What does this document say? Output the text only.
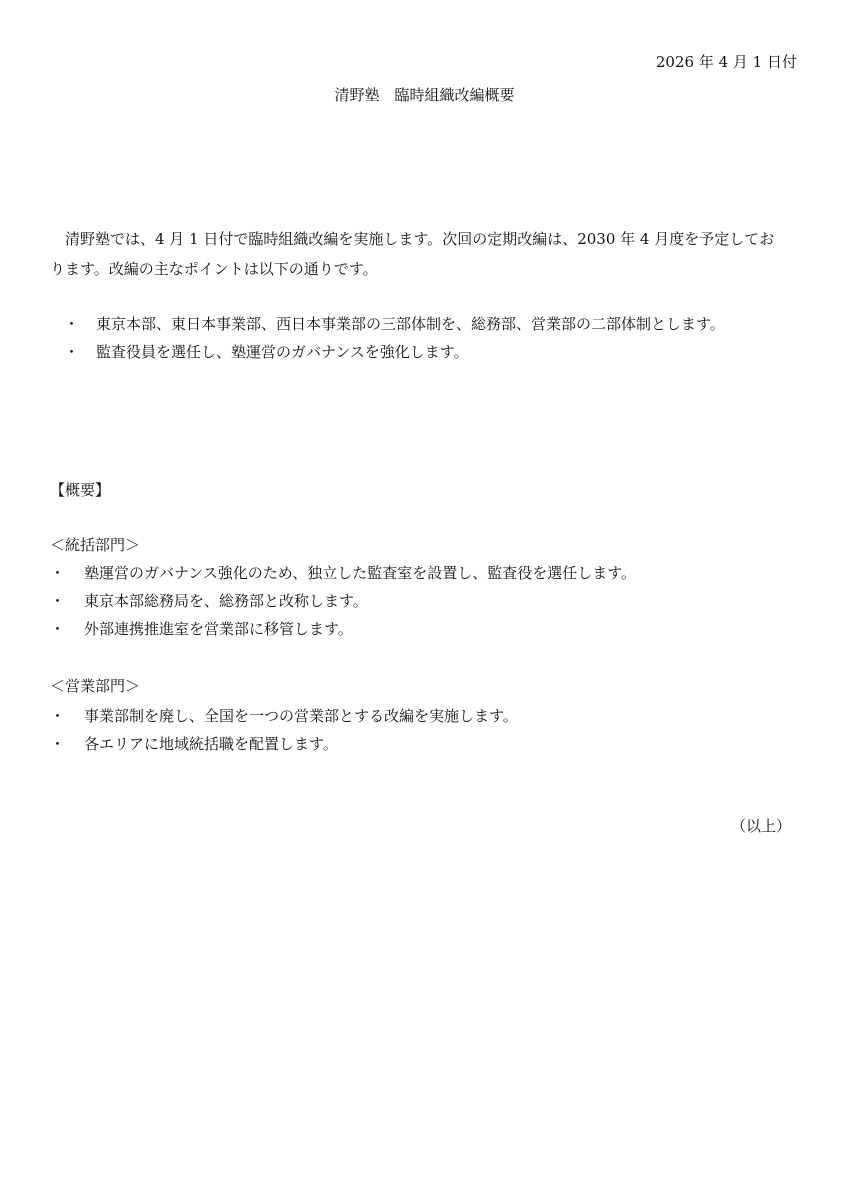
2026 年 4 月 1 日付
清野塾　臨時組織改編概要

清野塾では、4 月 1 日付で臨時組織改編を実施します。次回の定期改編は、2030 年 4 月度を予定してお

ります。改編の主なポイントは以下の通りです。

・	東京本部、東日本事業部、西日本事業部の三部体制を、総務部、営業部の二部体制とします。
・	監査役員を選任し、塾運営のガバナンスを強化します。
【概要】
＜統括部門＞
・	塾運営のガバナンス強化のため、独立した監査室を設置し、監査役を選任します。
・	東京本部総務局を、総務部と改称します。
・	外部連携推進室を営業部に移管します。
＜営業部門＞
・	事業部制を廃し、全国を一つの営業部とする改編を実施します。
・	各エリアに地域統括職を配置します。
（以上）
